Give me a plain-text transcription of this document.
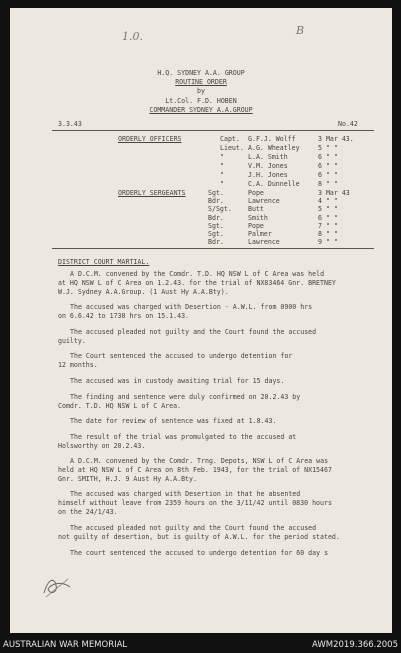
1.0.	B
H.Q. SYDNEY A.A. GROUP
ROUTINE ORDER
by
Lt.Col. F.D. HOBEN
COMMANDER SYDNEY A.A.GROUP
3.3.43	No.42
ORDERLY OFFICERS	Capt. G.F.J. Wolff	3 Mar 43.
Lieut. A.G. Wheatley	5 " "
"	L.A. Smith	6 " "
"	V.M. Jones	6 " "
"	J.H. Jones	6 " "
"	C.A. Dunnelle	8 " "
ORDERLY SERGEANTS	Sgt.	Pope	3 Mar 43
Bdr.	Lawrence	4 " "
S/Sgt. Butt	5 " "
Bdr.	Smith	6 " "
Sgt.	Pope	7 " "
Sgt.	Palmer	8 " "
Bdr.	Lawrence	9 " "
DISTRICT COURT MARTIAL.
A D.C.M. convened by the Comdr. T.D. HQ NSW L of C Area was held
at HQ NSW L of C Area on 1.2.43. for the trial of NX83464 Gnr. BRETNEY
W.J. Sydney A.A.Group. (1 Aust Hy A.A.Bty).
The accused was charged with Desertion - A.W.L. from 0900 hrs
on 6.6.42 to 1730 hrs on 15.1.43.
The accused pleaded not guilty and the Court found the accused
guilty.
The Court sentenced the accused to undergo detention for
12 months.
The accused was in custody awaiting trial for 15 days.
The finding and sentence were duly confirmed on 20.2.43 by
Comdr. T.D. HQ NSW L of C Area.
The date for review of sentence was fixed at 1.8.43.
The result of the trial was promulgated to the accused at
Holsworthy on 20.2.43.
A D.C.M. convened by the Comdr. Trng. Depots, NSW L of C Area was
held at HQ NSW L of C Area on 8th Feb. 1943, for the trial of NX15467
Gnr. SMITH, H.J. 9 Aust Hy A.A.Bty.
The accused was charged with Desertion in that he absented
himself without leave from 2359 hours on the 3/11/42 until 0830 hours
on the 24/1/43.
The accused pleaded not guilty and the Court found the accused
not guilty of desertion, but is guilty of A.W.L. for the period stated.
The court sentenced the accused to undergo detention for 60 day s
AUSTRALIAN WAR MEMORIAL	AWM2019.366.2005
